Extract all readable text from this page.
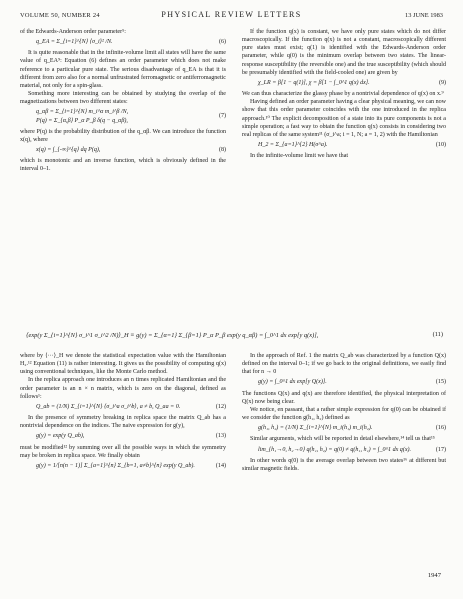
VOLUME 50, NUMBER 24	PHYSICAL REVIEW LETTERS	13 JUNE 1983

of the Edwards-Anderson order parameter⁵:

q_EA = Σ_{i=1}^{N} ⟨σ_i⟩² /N.	(6)

It is quite reasonable that in the infinite-volume limit all states will have the same value of q_EA⁹: Equation (6) defines an order parameter which does not make reference to a particular pure state. The serious disadvantage of q_EA is that it is different from zero also for a normal unfrustrated ferromagnetic or antiferromagnetic material, not only for a spin-glass.

Something more interesting can be obtained by studying the overlap of the magnetizations between two different states:

q_αβ = Σ_{i=1}^{N} m_i^α m_i^β /N,
P(q) = Σ_{α,β} P_α P_β δ(q − q_αβ),
(7)

where P(q) is the probability distribution of the q_αβ. We can introduce the function x(q), where

x(q) = ∫_{-∞}^{q} dq P(q),	(8)

which is monotonic and an inverse function, which is obviously defined in the interval 0–1.

If the function q(x) is constant, we have only pure states which do not differ macroscopically. If the function q(x) is not a constant, macroscopically different pure states must exist; q(1) is identified with the Edwards-Anderson order parameter, while q(0) is the minimum overlap between two states. The linear-response susceptibility (the reversible one) and the true susceptibility (which should be presumably identified with the field-cooled one) are given by

χ_LR = β[1 − q(1)], χ = β[1 − ∫_0^1 q(x) dx].	(9)

We can thus characterize the glassy phase by a nontrivial dependence of q(x) on x.⁹

Having defined an order parameter having a clear physical meaning, we can now show that this order parameter coincides with the one introduced in the replica approach.¹⁰ The explicit decomposition of a state into its pure components is not a simple operation; a fast way to obtain the function q(x) consists in considering two real replicas of the same system¹¹ (σ_i^a; i = 1, N; a = 1, 2) with the Hamiltonian

H_2 = Σ_{a=1}^{2} H(σ^a).	(10)

In the infinite-volume limit we have that

⟨exp(y Σ_{i=1}^{N} σ_i^1 σ_i^2 /N)⟩_H ≡ g(y) = Σ_{α=1} Σ_{β=1} P_α P_β exp(y q_αβ) = ∫_0^1 dx exp[y q(x)],	(11)

where by ⟨···⟩_H we denote the statistical expectation value with the Hamiltonian H₂.¹² Equation (11) is rather interesting. It gives us the possibility of computing q(x) using conventional techniques, like the Monte Carlo method.

In the replica approach one introduces an n times replicated Hamiltonian and the order parameter is an n × n matrix, which is zero on the diagonal, defined as follows¹:

Q_ab = (1/N) Σ_{i=1}^{N} ⟨σ_i^a σ_i^b⟩, a ≠ b, Q_aa = 0.	(12)

In the presence of symmetry breaking in replica space the matrix Q_ab has a nontrivial dependence on the indices. The naive expression for g(y),

g(y) = exp(y Q_ab),	(13)

must be modified¹² by summing over all the possible ways in which the symmetry may be broken in replica space. We finally obtain

g(y) = 1/[n(n − 1)] Σ_{a=1}^{n} Σ_{b=1, a≠b}^{n} exp(y Q_ab).	(14)

In the approach of Ref. 1 the matrix Q_ab was characterized by a function Q(x) defined on the interval 0–1; if we go back to the original definitions, we easily find that for n → 0

g(y) = ∫_0^1 dx exp[y Q(x)].	(15)

The functions Q(x) and q(x) are therefore identified, the physical interpretation of Q(x) now being clear.

We notice, en passant, that a rather simple expression for q(0) can be obtained if we consider the function g(h₁, h₂) defined as

g(h₁, h₂) = (1/N) Σ_{i=1}^{N} m_i(h₁) m_i(h₂).	(16)

Similar arguments, which will be reported in detail elsewhere,¹⁴ tell us that¹⁵

lim_{h₁→0, h₂→0} q(h₁, h₂) = q(0) ≠ q(h₁, h₁) = ∫_0^1 dx q(x).	(17)

In other words q(0) is the average overlap between two states¹⁶ at different but similar magnetic fields.

1947
